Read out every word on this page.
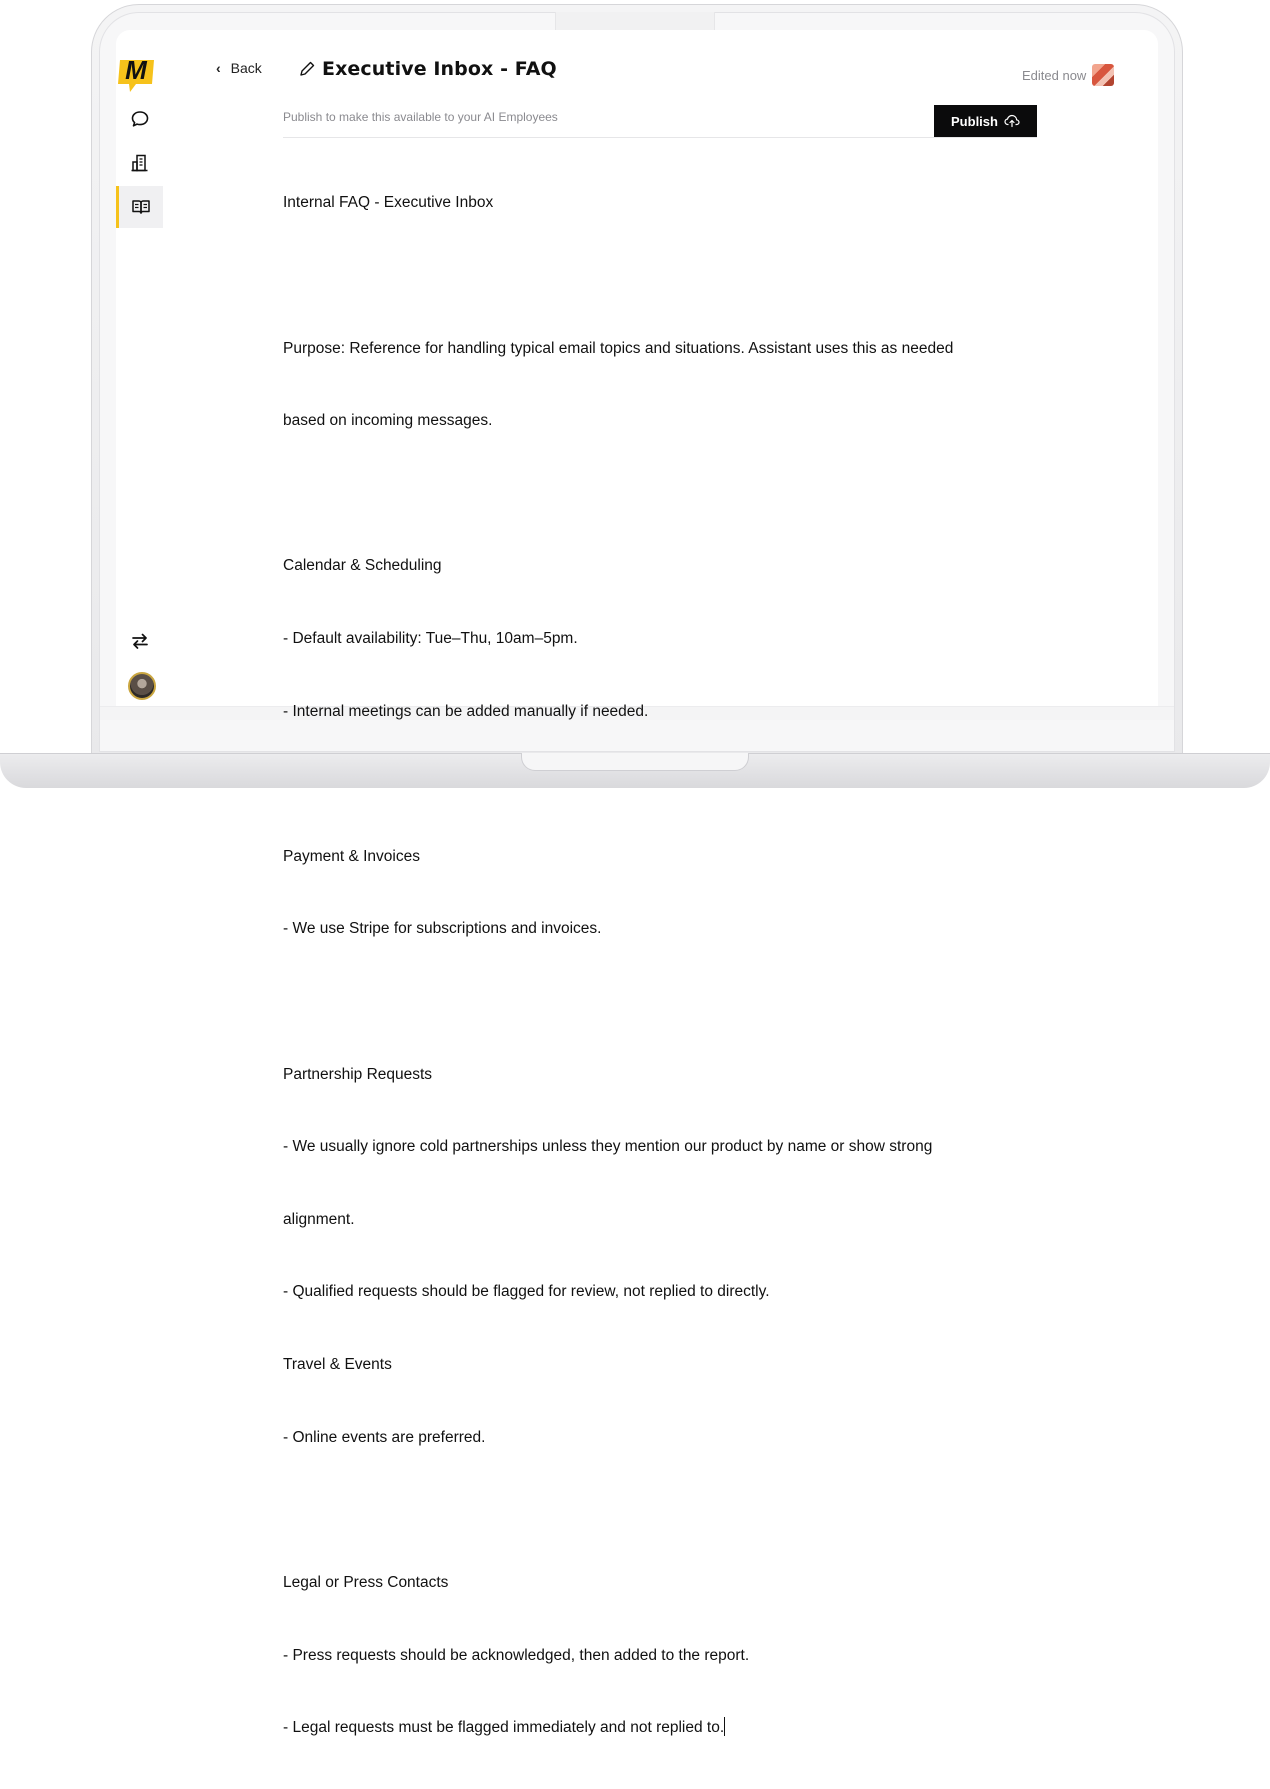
M	‹ Back	Executive Inbox - FAQ	Edited now
Publish to make this available to your AI Employees	Publish

Internal FAQ - Executive Inbox

Purpose: Reference for handling typical email topics and situations. Assistant uses this as needed

based on incoming messages.

Calendar & Scheduling

- Default availability: Tue–Thu, 10am–5pm.

- Internal meetings can be added manually if needed.

Payment & Invoices

- We use Stripe for subscriptions and invoices.

Partnership Requests

- We usually ignore cold partnerships unless they mention our product by name or show strong

alignment.

- Qualified requests should be flagged for review, not replied to directly.

Travel & Events

- Online events are preferred.

Legal or Press Contacts

- Press requests should be acknowledged, then added to the report.

- Legal requests must be flagged immediately and not replied to.
